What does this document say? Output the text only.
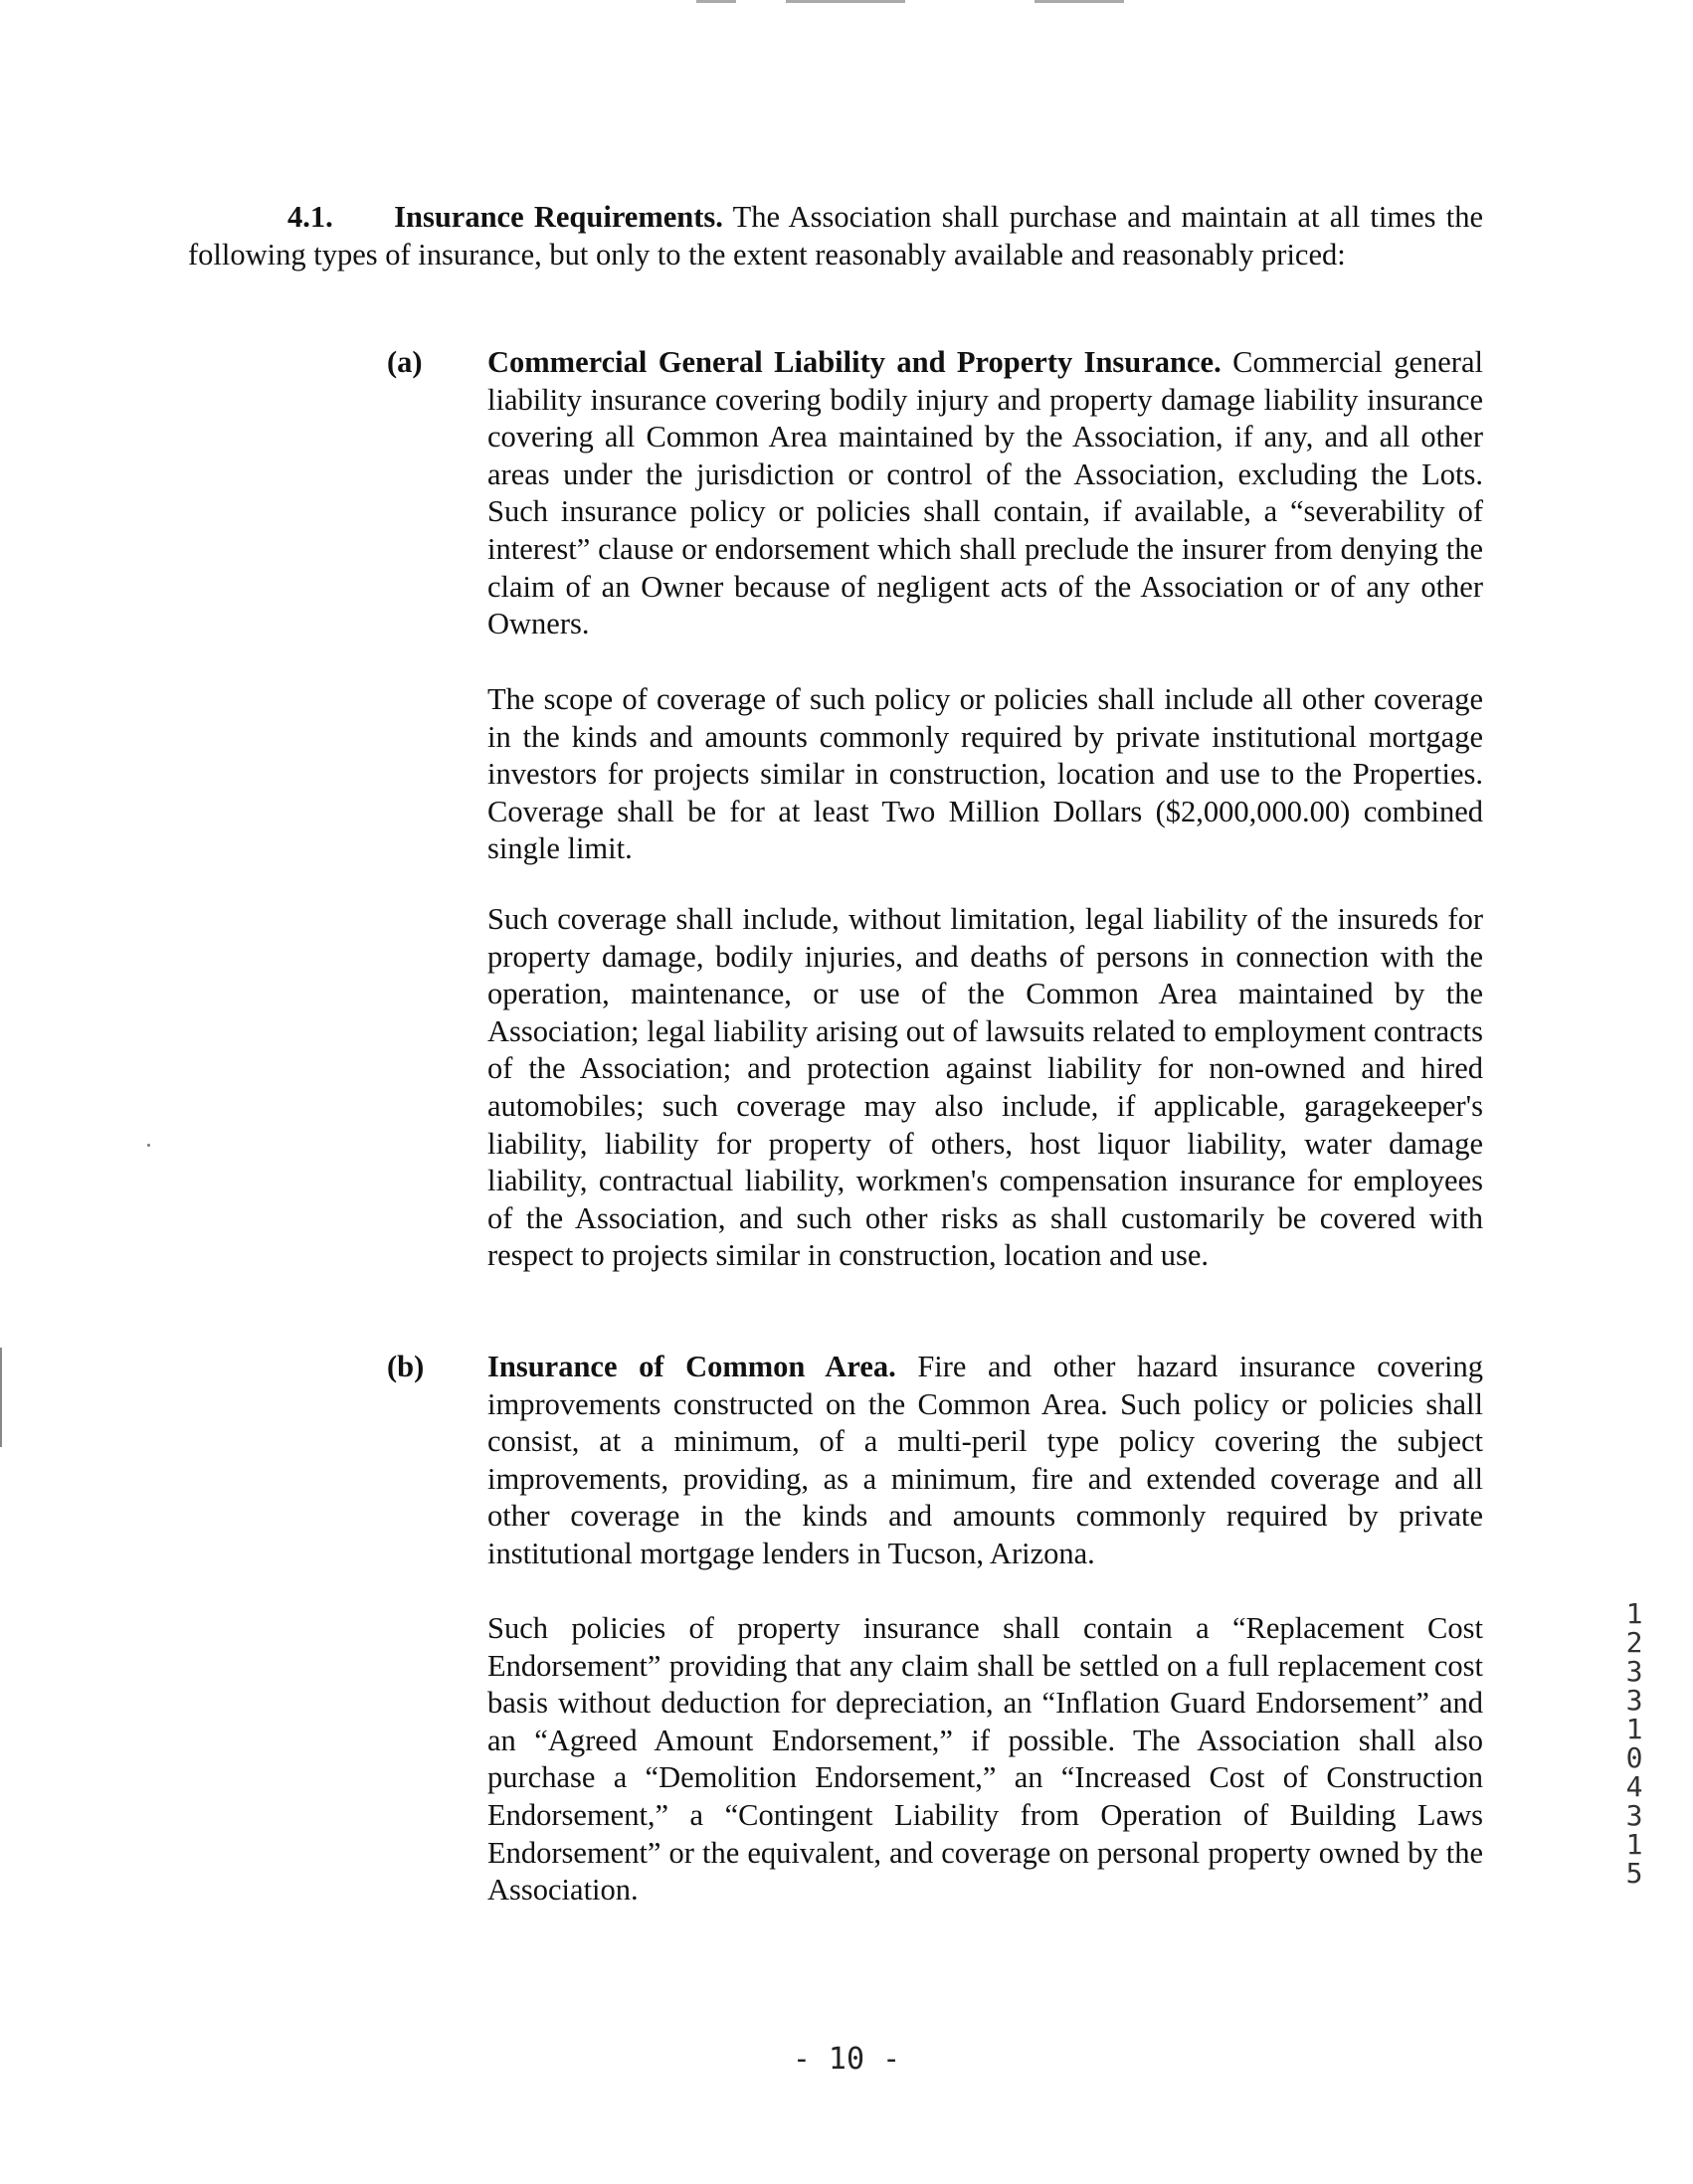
4.1. Insurance Requirements. The Association shall purchase and maintain at all times the following types of insurance, but only to the extent reasonably available and reasonably priced:

(a) Commercial General Liability and Property Insurance. Commercial general liability insurance covering bodily injury and property damage liability insurance covering all Common Area maintained by the Association, if any, and all other areas under the jurisdiction or control of the Association, excluding the Lots. Such insurance policy or policies shall contain, if available, a “severability of interest” clause or endorsement which shall preclude the insurer from denying the claim of an Owner because of negligent acts of the Association or of any other Owners.

The scope of coverage of such policy or policies shall include all other coverage in the kinds and amounts commonly required by private institutional mortgage investors for projects similar in construction, location and use to the Properties. Coverage shall be for at least Two Million Dollars ($2,000,000.00) combined single limit.

Such coverage shall include, without limitation, legal liability of the insureds for property damage, bodily injuries, and deaths of persons in connection with the operation, maintenance, or use of the Common Area maintained by the Association; legal liability arising out of lawsuits related to employment contracts of the Association; and protection against liability for non-owned and hired automobiles; such coverage may also include, if applicable, garagekeeper's liability, liability for property of others, host liquor liability, water damage liability, contractual liability, workmen's compensation insurance for employees of the Association, and such other risks as shall customarily be covered with respect to projects similar in construction, location and use.

(b) Insurance of Common Area. Fire and other hazard insurance covering improvements constructed on the Common Area. Such policy or policies shall consist, at a minimum, of a multi-peril type policy covering the subject improvements, providing, as a minimum, fire and extended coverage and all other coverage in the kinds and amounts commonly required by private institutional mortgage lenders in Tucson, Arizona.

Such policies of property insurance shall contain a “Replacement Cost Endorsement” providing that any claim shall be settled on a full replacement cost basis without deduction for depreciation, an “Inflation Guard Endorsement” and an “Agreed Amount Endorsement,” if possible. The Association shall also purchase a “Demolition Endorsement,” an “Increased Cost of Construction Endorsement,” a “Contingent Liability from Operation of Building Laws Endorsement” or the equivalent, and coverage on personal property owned by the Association.

- 10 -
12331 04315
